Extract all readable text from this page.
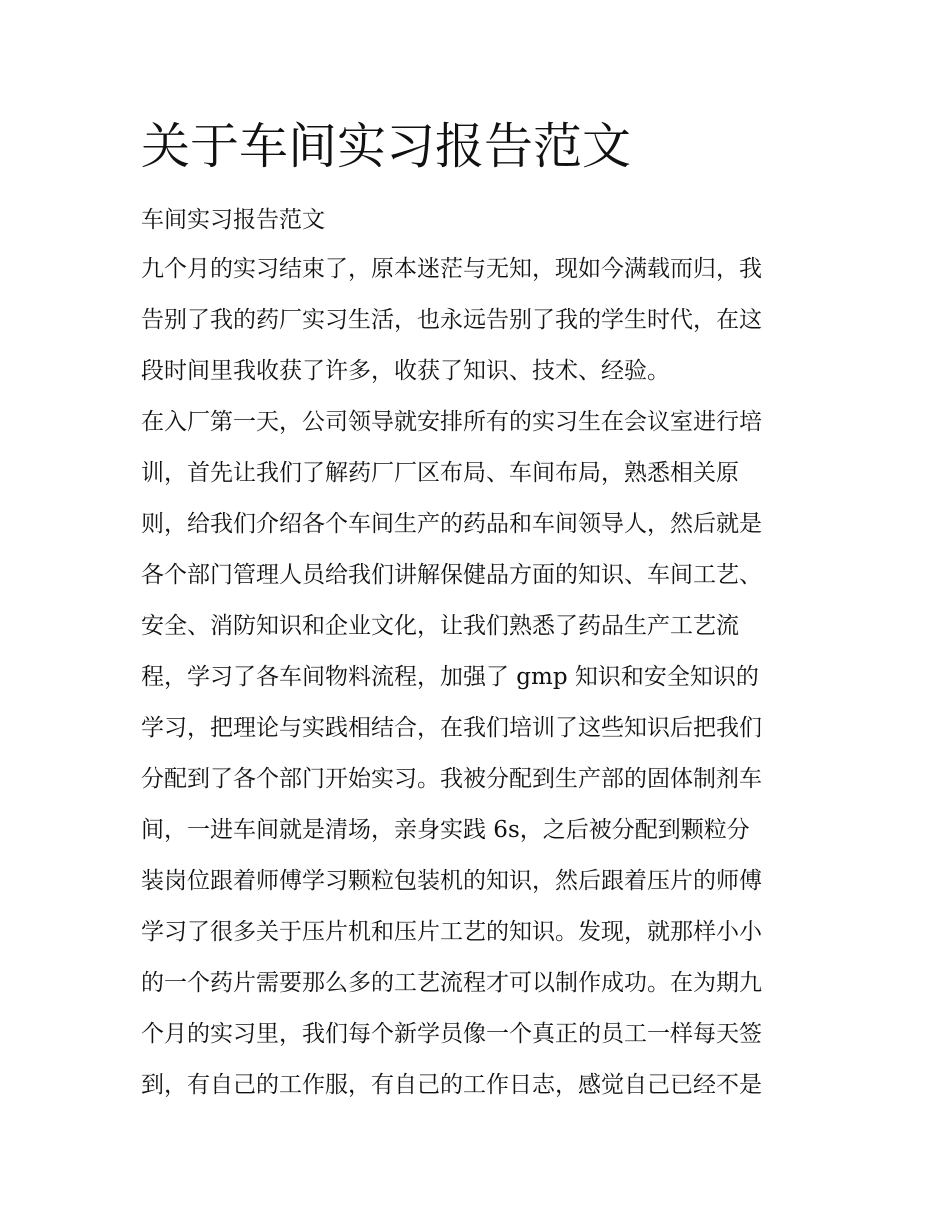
关于车间实习报告范文
车间实习报告范文
九个月的实习结束了，原本迷茫与无知，现如今满载而归，我
告别了我的药厂实习生活，也永远告别了我的学生时代，在这
段时间里我收获了许多，收获了知识、技术、经验。
在入厂第一天，公司领导就安排所有的实习生在会议室进行培
训，首先让我们了解药厂厂区布局、车间布局，熟悉相关原
则，给我们介绍各个车间生产的药品和车间领导人，然后就是
各个部门管理人员给我们讲解保健品方面的知识、车间工艺、
安全、消防知识和企业文化，让我们熟悉了药品生产工艺流
程，学习了各车间物料流程，加强了 gmp 知识和安全知识的
学习，把理论与实践相结合，在我们培训了这些知识后把我们
分配到了各个部门开始实习。我被分配到生产部的固体制剂车
间，一进车间就是清场，亲身实践 6s，之后被分配到颗粒分
装岗位跟着师傅学习颗粒包装机的知识，然后跟着压片的师傅
学习了很多关于压片机和压片工艺的知识。发现，就那样小小
的一个药片需要那么多的工艺流程才可以制作成功。在为期九
个月的实习里，我们每个新学员像一个真正的员工一样每天签
到，有自己的工作服，有自己的工作日志，感觉自己已经不是
